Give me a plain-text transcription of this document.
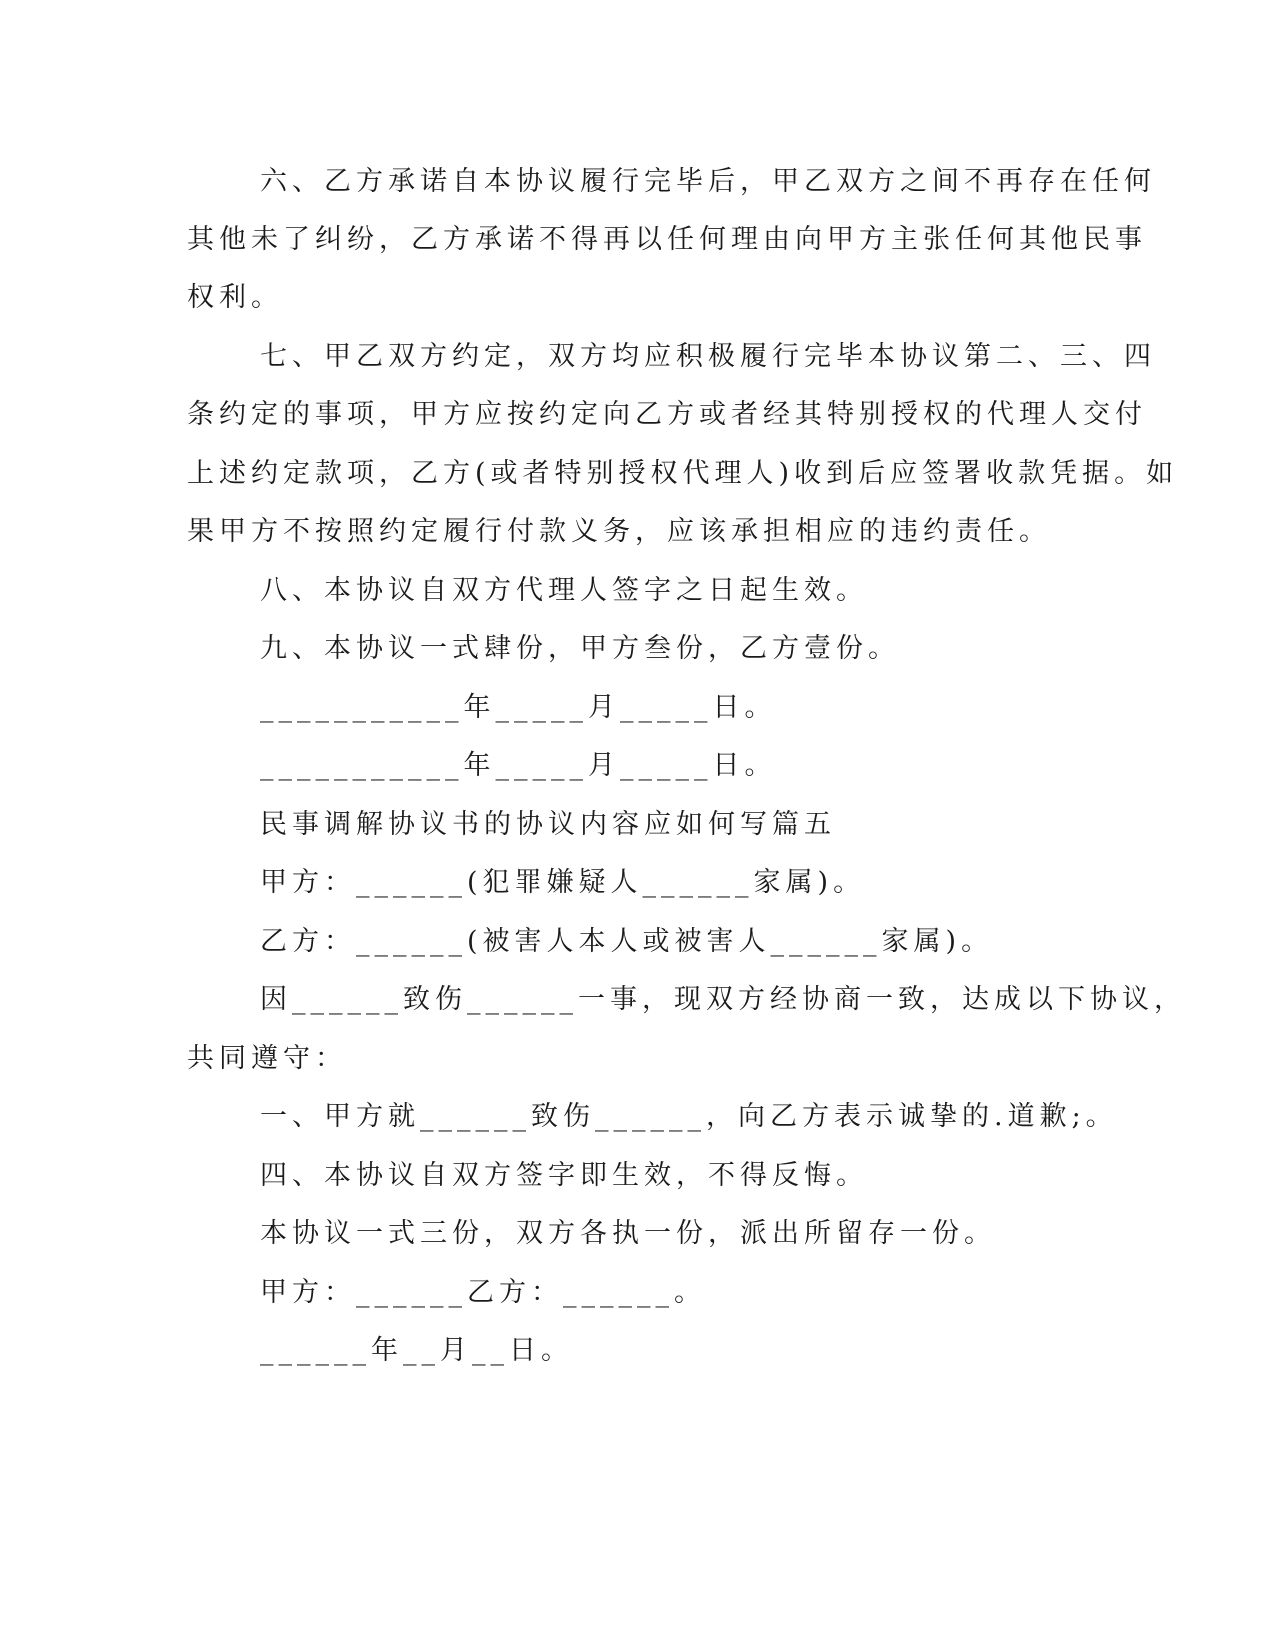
六、乙方承诺自本协议履行完毕后，甲乙双方之间不再存在任何
其他未了纠纷，乙方承诺不得再以任何理由向甲方主张任何其他民事
权利。
七、甲乙双方约定，双方均应积极履行完毕本协议第二、三、四
条约定的事项，甲方应按约定向乙方或者经其特别授权的代理人交付
上述约定款项，乙方(或者特别授权代理人)收到后应签署收款凭据。如
果甲方不按照约定履行付款义务，应该承担相应的违约责任。
八、本协议自双方代理人签字之日起生效。
九、本协议一式肆份，甲方叁份，乙方壹份。
___________年_____月_____日。
___________年_____月_____日。
民事调解协议书的协议内容应如何写篇五
甲方：______(犯罪嫌疑人______家属)。
乙方：______(被害人本人或被害人______家属)。
因______致伤______一事，现双方经协商一致，达成以下协议，
共同遵守：
一、甲方就______致伤______，向乙方表示诚挚的.道歉;。
四、本协议自双方签字即生效，不得反悔。
本协议一式三份，双方各执一份，派出所留存一份。
甲方：______乙方：______。
______年__月__日。
